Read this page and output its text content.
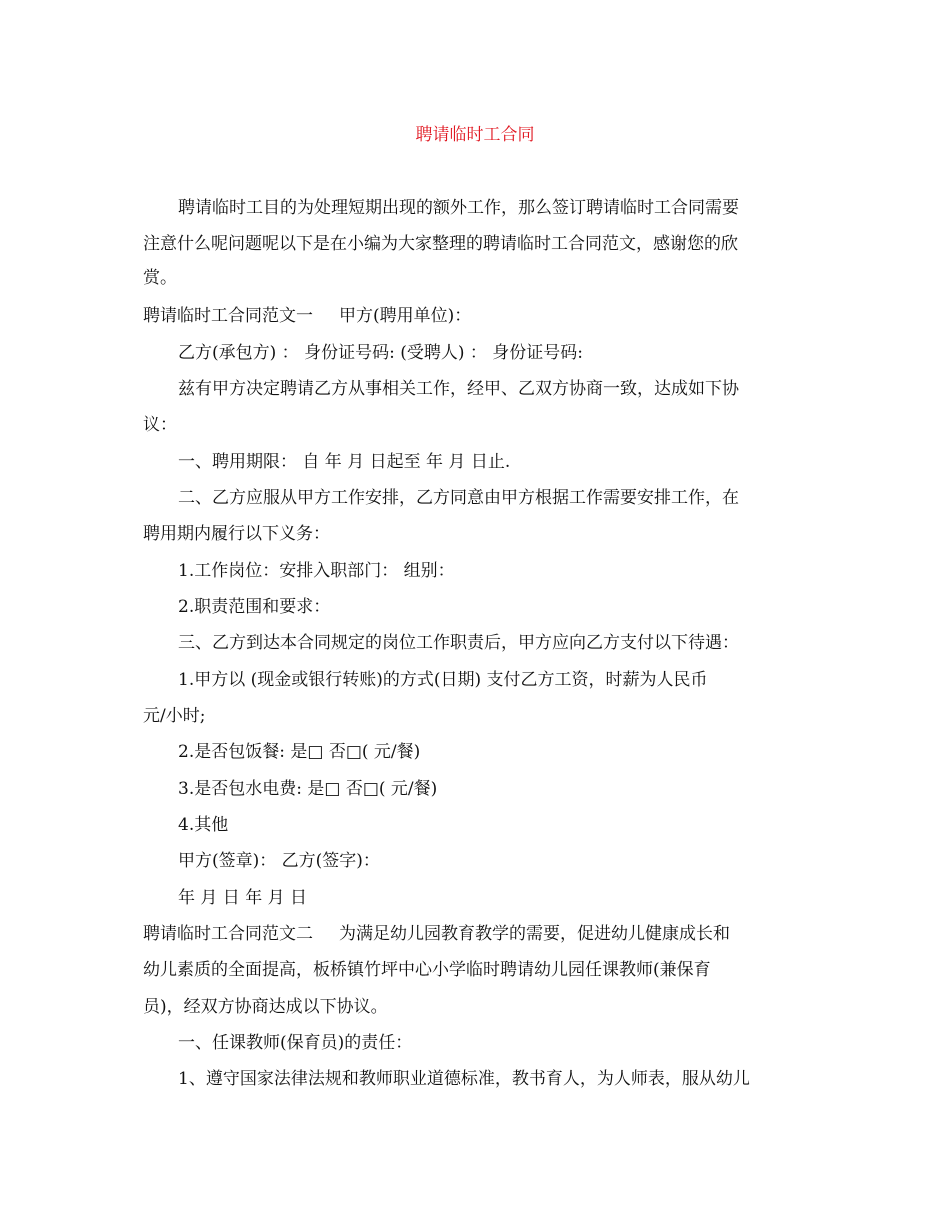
聘请临时工合同
聘请临时工目的为处理短期出现的额外工作，那么签订聘请临时工合同需要
注意什么呢问题呢以下是在小编为大家整理的聘请临时工合同范文，感谢您的欣
赏。
聘请临时工合同范文一 甲方(聘用单位)：
乙方(承包方) ： 身份证号码: (受聘人) ： 身份证号码:
兹有甲方决定聘请乙方从事相关工作，经甲、乙双方协商一致，达成如下协
议：
一、聘用期限： 自 年 月 日起至 年 月 日止.
二、乙方应服从甲方工作安排，乙方同意由甲方根据工作需要安排工作，在
聘用期内履行以下义务：
1.工作岗位：安排入职部门： 组别：
2.职责范围和要求：
三、乙方到达本合同规定的岗位工作职责后，甲方应向乙方支付以下待遇：
1.甲方以 (现金或银行转账)的方式(日期) 支付乙方工资，时薪为人民币
元/小时;
2.是否包饭餐: 是□ 否□( 元/餐)
3.是否包水电费: 是□ 否□( 元/餐)
4.其他
甲方(签章)： 乙方(签字)：
年 月 日 年 月 日
聘请临时工合同范文二 为满足幼儿园教育教学的需要，促进幼儿健康成长和
幼儿素质的全面提高，板桥镇竹坪中心小学临时聘请幼儿园任课教师(兼保育
员)，经双方协商达成以下协议。
一、任课教师(保育员)的责任：
1、遵守国家法律法规和教师职业道德标准，教书育人，为人师表，服从幼儿
